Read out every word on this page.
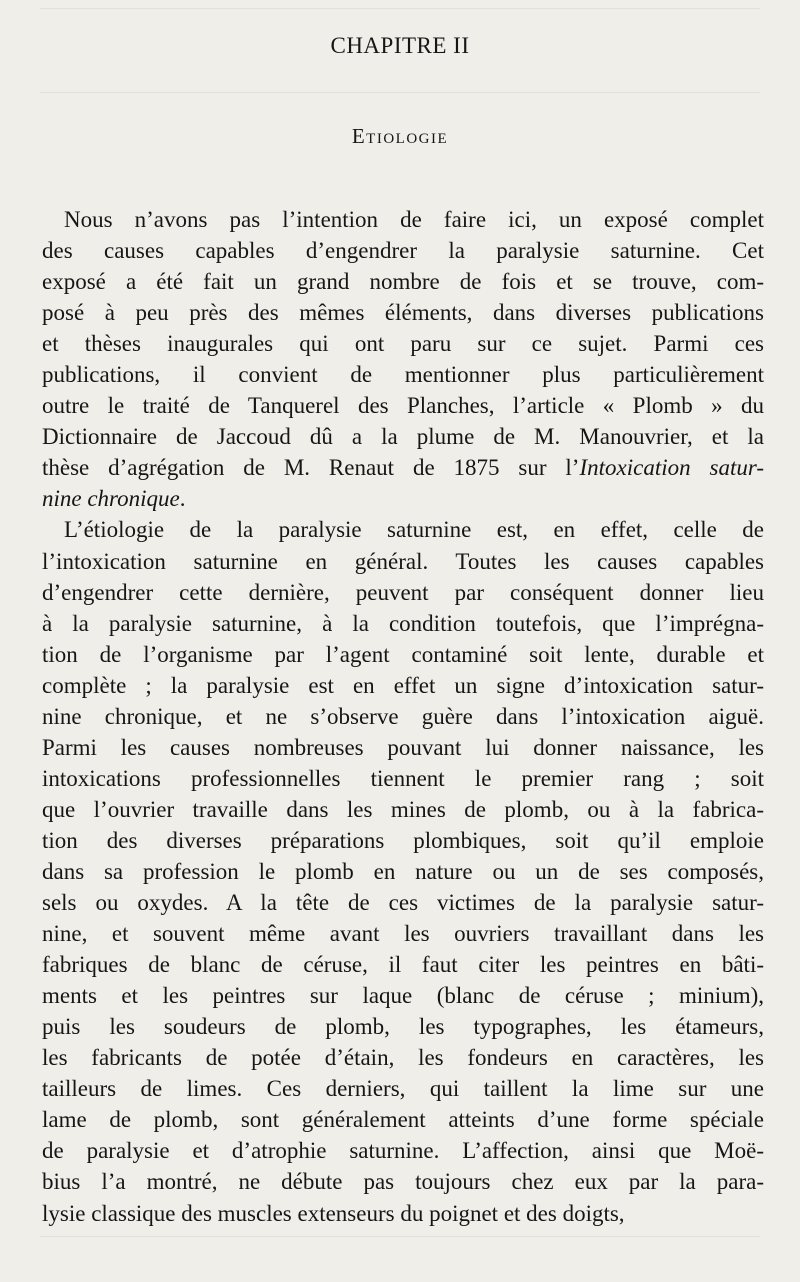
CHAPITRE II
Etiologie
Nous n’avons pas l’intention de faire ici, un exposé complet
des causes capables d’engendrer la paralysie saturnine. Cet
exposé a été fait un grand nombre de fois et se trouve, com-
posé à peu près des mêmes éléments, dans diverses publications
et thèses inaugurales qui ont paru sur ce sujet. Parmi ces
publications, il convient de mentionner plus particulièrement
outre le traité de Tanquerel des Planches, l’article « Plomb » du
Dictionnaire de Jaccoud dû a la plume de M. Manouvrier, et la
thèse d’agrégation de M. Renaut de 1875 sur l’Intoxication satur-
nine chronique.
L’étiologie de la paralysie saturnine est, en effet, celle de
l’intoxication saturnine en général. Toutes les causes capables
d’engendrer cette dernière, peuvent par conséquent donner lieu
à la paralysie saturnine, à la condition toutefois, que l’imprégna-
tion de l’organisme par l’agent contaminé soit lente, durable et
complète ; la paralysie est en effet un signe d’intoxication satur-
nine chronique, et ne s’observe guère dans l’intoxication aiguë.
Parmi les causes nombreuses pouvant lui donner naissance, les
intoxications professionnelles tiennent le premier rang ; soit
que l’ouvrier travaille dans les mines de plomb, ou à la fabrica-
tion des diverses préparations plombiques, soit qu’il emploie
dans sa profession le plomb en nature ou un de ses composés,
sels ou oxydes. A la tête de ces victimes de la paralysie satur-
nine, et souvent même avant les ouvriers travaillant dans les
fabriques de blanc de céruse, il faut citer les peintres en bâti-
ments et les peintres sur laque (blanc de céruse ; minium),
puis les soudeurs de plomb, les typographes, les étameurs,
les fabricants de potée d’étain, les fondeurs en caractères, les
tailleurs de limes. Ces derniers, qui taillent la lime sur une
lame de plomb, sont généralement atteints d’une forme spéciale
de paralysie et d’atrophie saturnine. L’affection, ainsi que Moë-
bius l’a montré, ne débute pas toujours chez eux par la para-
lysie classique des muscles extenseurs du poignet et des doigts,
